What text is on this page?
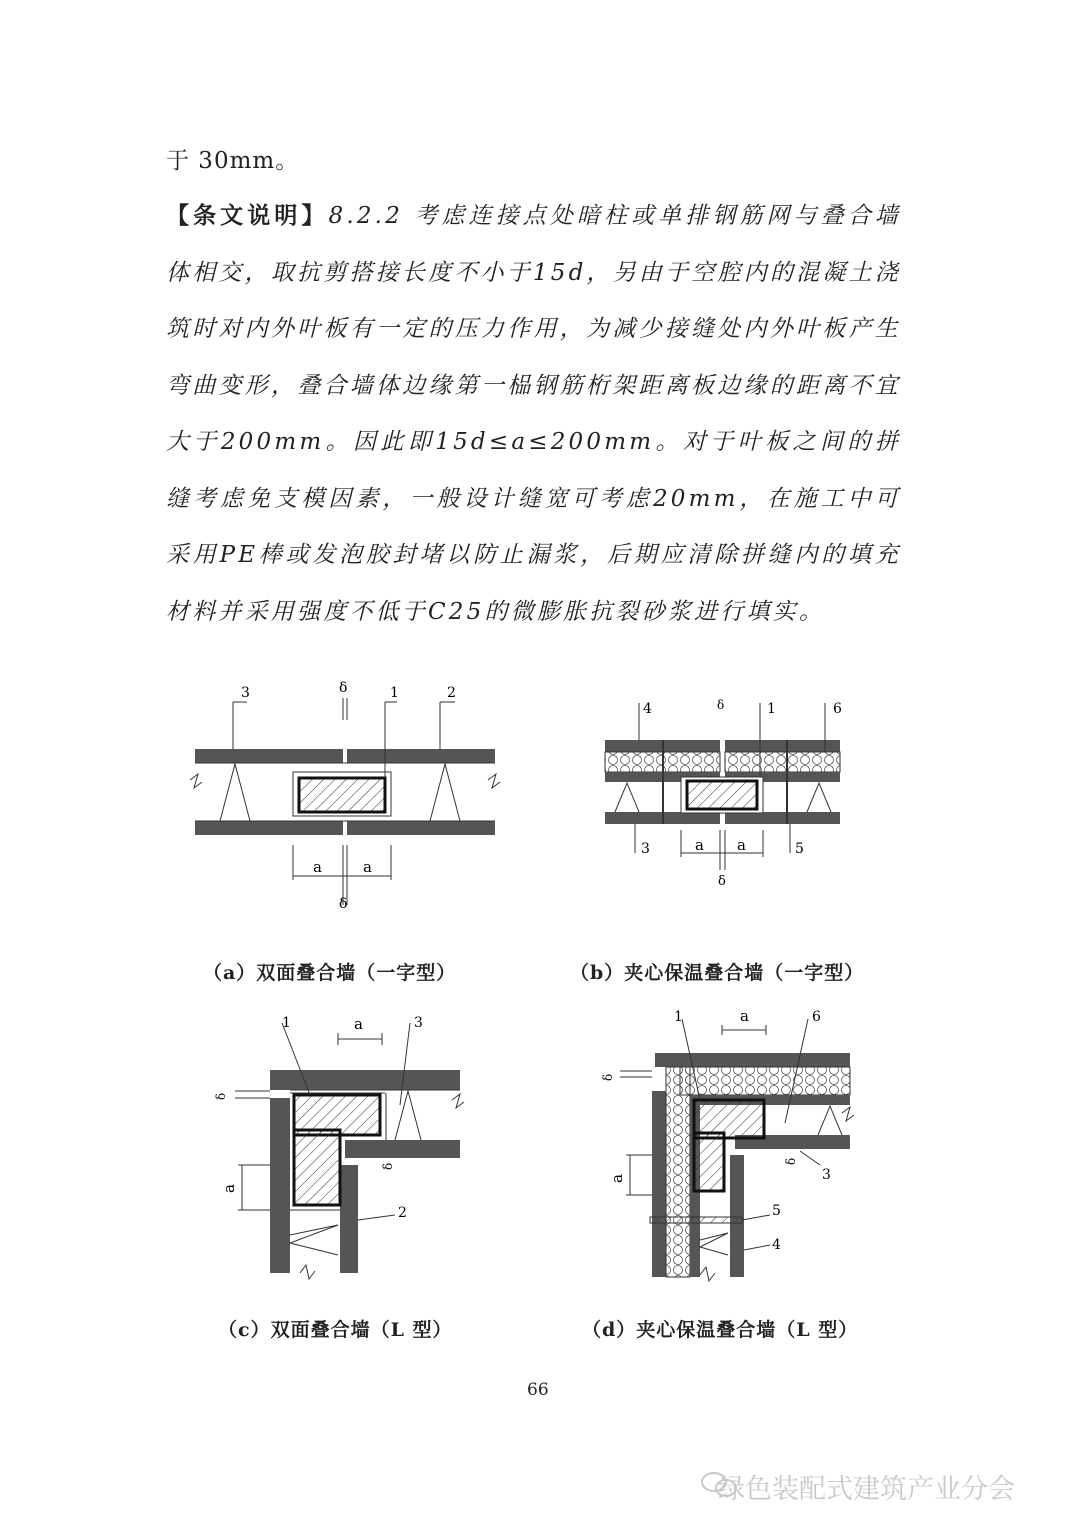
于 30mm。
【条文说明】8.2.2 考虑连接点处暗柱或单排钢筋网与叠合墙体相交，取抗剪搭接长度不小于15d，另由于空腔内的混凝土浇筑时对内外叶板有一定的压力作用，为减少接缝处内外叶板产生弯曲变形，叠合墙体边缘第一榀钢筋桁架距离板边缘的距离不宜大于200mm。因此即15d≤a≤200mm。对于叶板之间的拼缝考虑免支模因素，一般设计缝宽可考虑20mm，在施工中可采用PE棒或发泡胶封堵以防止漏浆，后期应清除拼缝内的填充材料并采用强度不低于C25的微膨胀抗裂砂浆进行填实。
3	δ	1	2
a	a
δ
（a）双面叠合墙（一字型）
4	δ	1	6
3	a a	5
δ
（b）夹心保温叠合墙（一字型）
1	a	3
δ
δ
a
2
（c）双面叠合墙（L 型）
1	a	6
δ
δ
3
a
5
4
（d）夹心保温叠合墙（L 型）
66
绿色装配式建筑产业分会
